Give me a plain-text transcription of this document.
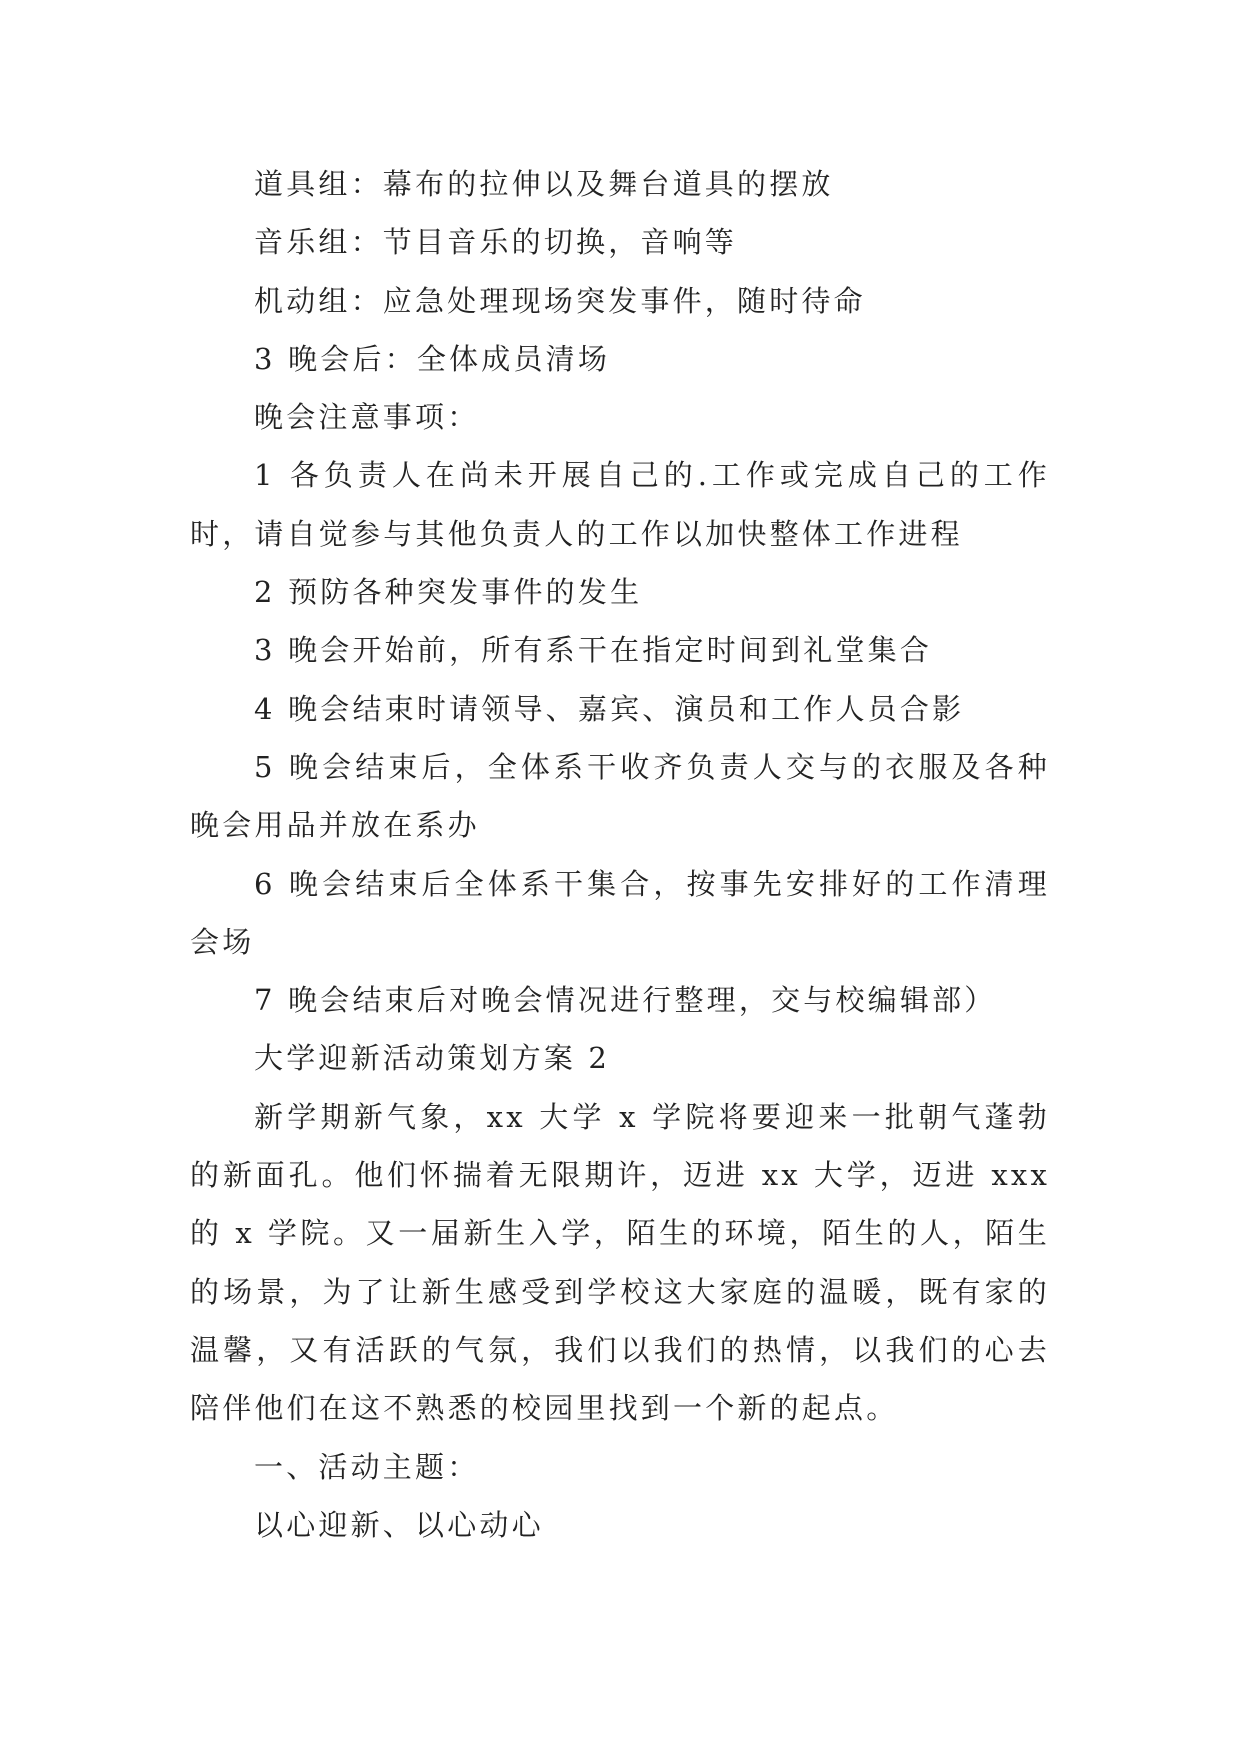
道具组：幕布的拉伸以及舞台道具的摆放

音乐组：节目音乐的切换，音响等

机动组：应急处理现场突发事件，随时待命

3 晚会后：全体成员清场

晚会注意事项：

1 各负责人在尚未开展自己的.工作或完成自己的工作时，请自觉参与其他负责人的工作以加快整体工作进程

2 预防各种突发事件的发生

3 晚会开始前，所有系干在指定时间到礼堂集合

4 晚会结束时请领导、嘉宾、演员和工作人员合影

5 晚会结束后，全体系干收齐负责人交与的衣服及各种晚会用品并放在系办

6 晚会结束后全体系干集合，按事先安排好的工作清理会场

7 晚会结束后对晚会情况进行整理，交与校编辑部）

大学迎新活动策划方案 2

新学期新气象，xx 大学 x 学院将要迎来一批朝气蓬勃的新面孔。他们怀揣着无限期许，迈进 xx 大学，迈进 xxx 的 x 学院。又一届新生入学，陌生的环境，陌生的人，陌生的场景，为了让新生感受到学校这大家庭的温暖，既有家的温馨，又有活跃的气氛，我们以我们的热情，以我们的心去陪伴他们在这不熟悉的校园里找到一个新的起点。

一、活动主题：

以心迎新、以心动心
